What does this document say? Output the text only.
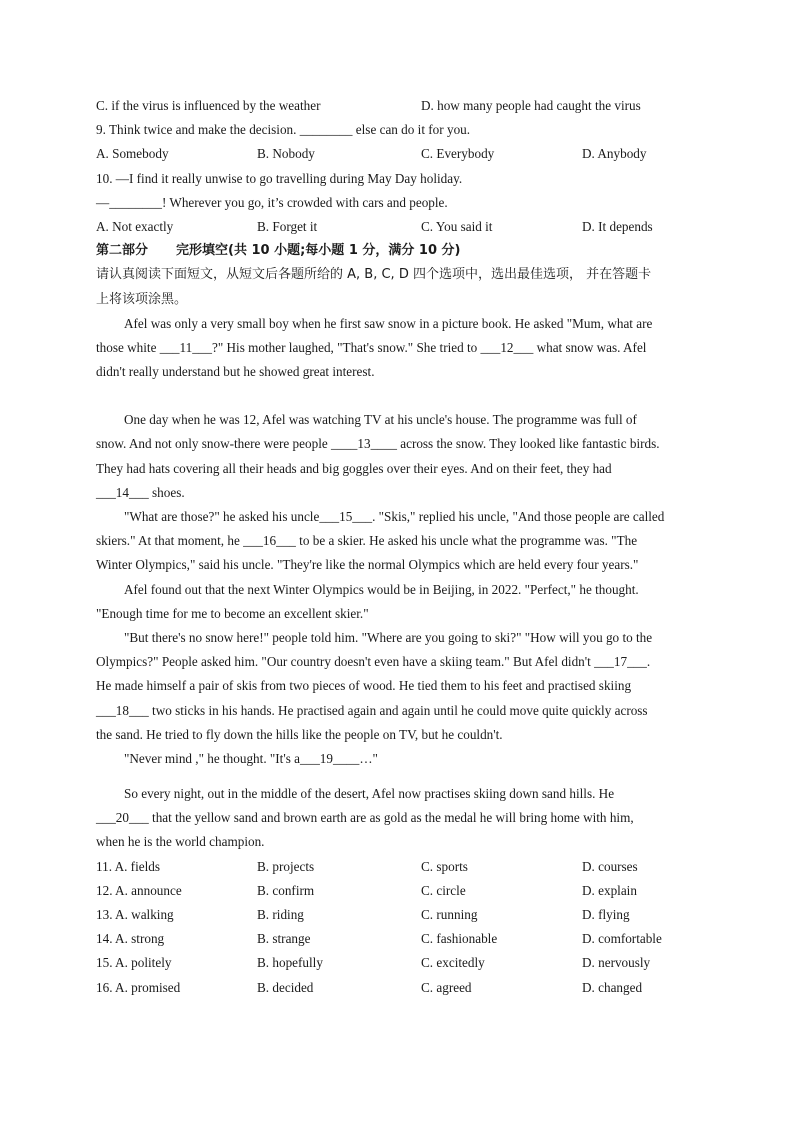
C. if the virus is influenced by the weather	D. how many people had caught the virus
9. Think twice and make the decision. ________ else can do it for you.
A. Somebody	B. Nobody	C. Everybody	D. Anybody
10. —I find it really unwise to go travelling during May Day holiday.
—________! Wherever you go, it’s crowded with cars and people.
A. Not exactly	B. Forget it	C. You said it	D. It depends
第二部分 完形填空(共 10 小题;每小题 1 分，满分 10 分)
请认真阅读下面短文，从短文后各题所给的 A, B, C, D 四个选项中，选出最佳选项， 并在答题卡
上将该项涂黑。
Afel was only a very small boy when he first saw snow in a picture book. He asked "Mum, what are
those white ___11___?" His mother laughed, "That's snow." She tried to ___12___ what snow was. Afel
didn't really understand but he showed great interest.
One day when he was 12, Afel was watching TV at his uncle's house. The programme was full of
snow. And not only snow-there were people ____13____ across the snow. They looked like fantastic birds.
They had hats covering all their heads and big goggles over their eyes. And on their feet, they had
___14___ shoes.
"What are those?" he asked his uncle___15___. "Skis," replied his uncle, "And those people are called
skiers." At that moment, he ___16___ to be a skier. He asked his uncle what the programme was. "The
Winter Olympics," said his uncle. "They're like the normal Olympics which are held every four years."
Afel found out that the next Winter Olympics would be in Beijing, in 2022. "Perfect," he thought.
"Enough time for me to become an excellent skier."
"But there's no snow here!" people told him. "Where are you going to ski?" "How will you go to the
Olympics?" People asked him. "Our country doesn't even have a skiing team." But Afel didn't ___17___.
He made himself a pair of skis from two pieces of wood. He tied them to his feet and practised skiing
___18___ two sticks in his hands. He practised again and again until he could move quite quickly across
the sand. He tried to fly down the hills like the people on TV, but he couldn't.
"Never mind ," he thought. "It's a___19____…"
So every night, out in the middle of the desert, Afel now practises skiing down sand hills. He
___20___ that the yellow sand and brown earth are as gold as the medal he will bring home with him,
when he is the world champion.
11. A. fields	B. projects	C. sports	D. courses
12. A. announce	B. confirm	C. circle	D. explain
13. A. walking	B. riding	C. running	D. flying
14. A. strong	B. strange	C. fashionable	D. comfortable
15. A. politely	B. hopefully	C. excitedly	D. nervously
16. A. promised	B. decided	C. agreed	D. changed
